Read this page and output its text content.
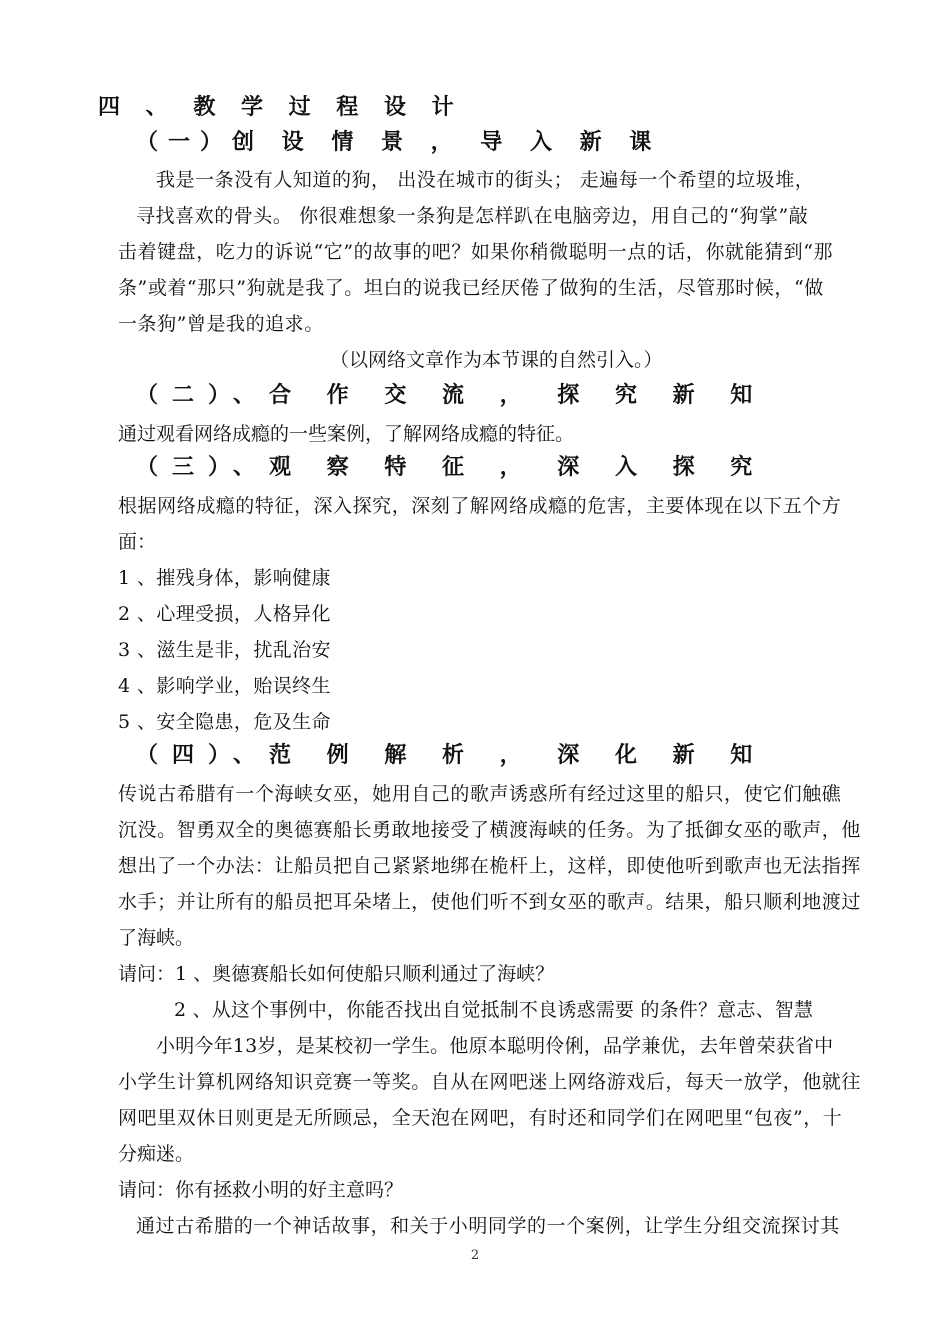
四 、 教 学 过 程 设 计
（一）创 设 情 景 ， 导 入 新 课
我是一条没有人知道的狗， 出没在城市的街头； 走遍每一个希望的垃圾堆，
寻找喜欢的骨头。 你很难想象一条狗是怎样趴在电脑旁边，用自己的“狗掌”敲
击着键盘，吃力的诉说“它”的故事的吧？如果你稍微聪明一点的话，你就能猜到“那
条”或着“那只”狗就是我了。坦白的说我已经厌倦了做狗的生活，尽管那时候，“做
一条狗”曾是我的追求。
（以网络文章作为本节课的自然引入。）
（二）、合 作 交 流 ， 探 究 新 知
通过观看网络成瘾的一些案例，了解网络成瘾的特征。
（三）、观 察 特 征 ， 深 入 探 究
根据网络成瘾的特征，深入探究，深刻了解网络成瘾的危害，主要体现在以下五个方
面：
1 、摧残身体，影响健康
2 、心理受损，人格异化
3 、滋生是非，扰乱治安
4 、影响学业，贻误终生
5 、安全隐患，危及生命
（四）、范 例 解 析 ， 深 化 新 知
传说古希腊有一个海峡女巫，她用自己的歌声诱惑所有经过这里的船只，使它们触礁
沉没。智勇双全的奥德赛船长勇敢地接受了横渡海峡的任务。为了抵御女巫的歌声，他
想出了一个办法：让船员把自己紧紧地绑在桅杆上，这样，即使他听到歌声也无法指挥
水手；并让所有的船员把耳朵堵上，使他们听不到女巫的歌声。结果，船只顺利地渡过
了海峡。
请问：1 、奥德赛船长如何使船只顺利通过了海峡？
2 、从这个事例中，你能否找出自觉抵制不良诱惑需要 的条件？意志、智慧
小明今年13岁，是某校初一学生。他原本聪明伶俐，品学兼优，去年曾荣获省中
小学生计算机网络知识竞赛一等奖。自从在网吧迷上网络游戏后，每天一放学，他就往
网吧里双休日则更是无所顾忌，全天泡在网吧，有时还和同学们在网吧里“包夜”，十
分痴迷。
请问：你有拯救小明的好主意吗？
通过古希腊的一个神话故事，和关于小明同学的一个案例，让学生分组交流探讨其
2
